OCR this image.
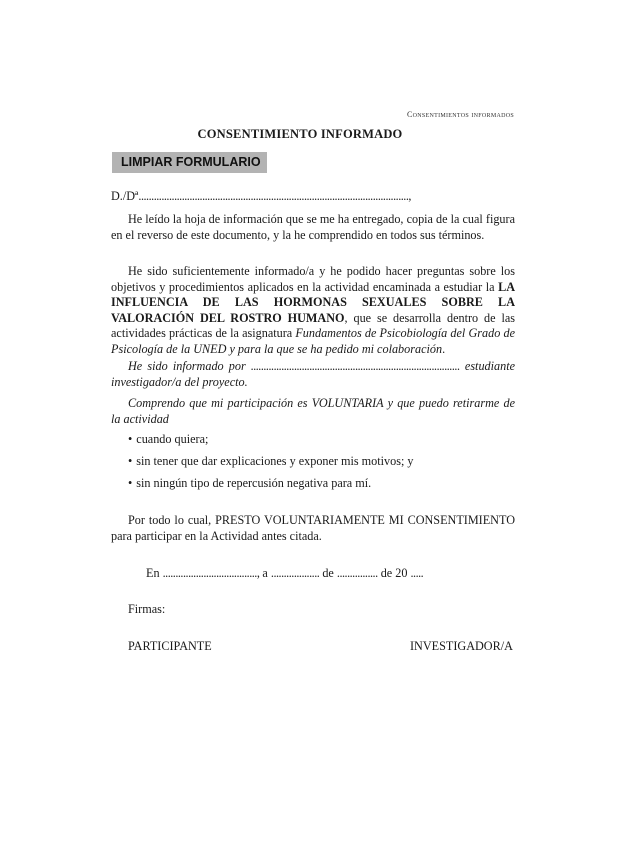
Consentimientos informados
CONSENTIMIENTO INFORMADO
LIMPIAR FORMULARIO
D./Dª..........................................................................................................,
He leído la hoja de información que se me ha entregado, copia de la cual figura en el reverso de este documento, y la he comprendido en todos sus términos.
He sido suficientemente informado/a y he podido hacer preguntas sobre los objetivos y procedimientos aplicados en la actividad encaminada a estudiar la LA INFLUENCIA DE LAS HORMONAS SEXUALES SOBRE LA VALORACIÓN DEL ROSTRO HUMANO, que se desarrolla dentro de las actividades prácticas de la asignatura Fundamentos de Psicobiología del Grado de Psicología de la UNED y para la que se ha pedido mi colaboración.
He sido informado por .................................................................................. estudiante investigador/a del proyecto.
Comprendo que mi participación es VOLUNTARIA y que puedo retirarme de la actividad
• cuando quiera;
• sin tener que dar explicaciones y exponer mis motivos; y
• sin ningún tipo de repercusión negativa para mí.
Por todo lo cual, PRESTO VOLUNTARIAMENTE MI CONSENTIMIENTO para participar en la Actividad antes citada.
En ....................................., a ................... de ................ de 20 .....
Firmas:
PARTICIPANTE	INVESTIGADOR/A
